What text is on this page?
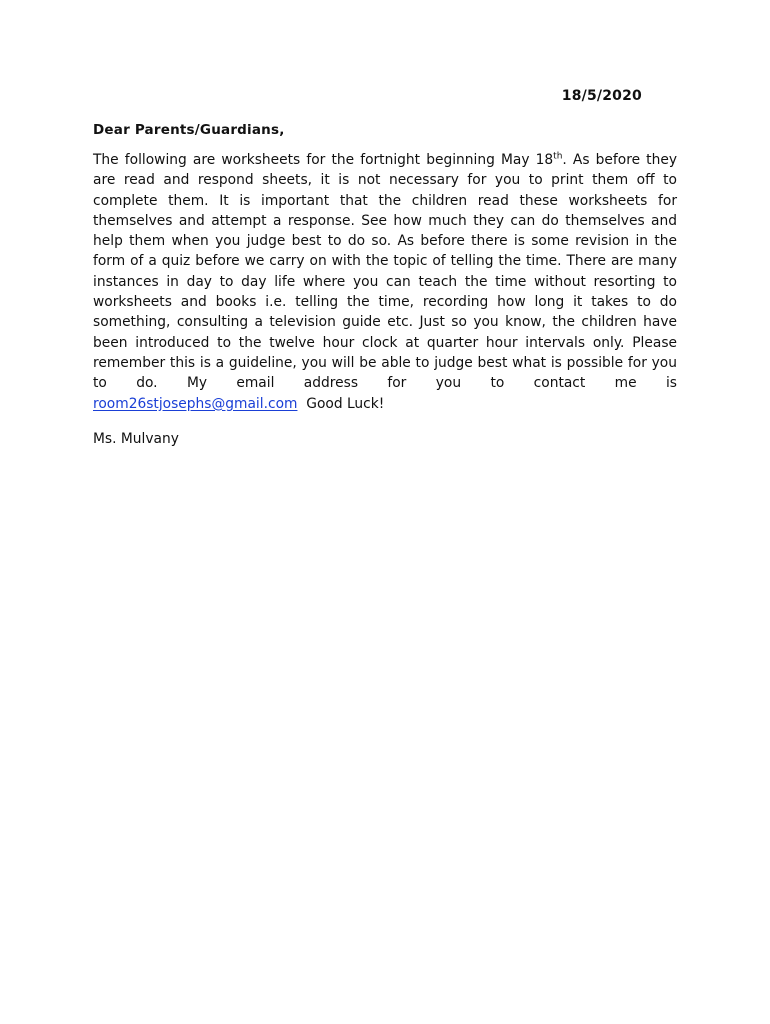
18/5/2020
Dear Parents/Guardians,
The following are worksheets for the fortnight beginning May 18th. As before they are read and respond sheets, it is not necessary for you to print them off to complete them. It is important that the children read these worksheets for themselves and attempt a response. See how much they can do themselves and help them when you judge best to do so. As before there is some revision in the form of a quiz before we carry on with the topic of telling the time. There are many instances in day to day life where you can teach the time without resorting to worksheets and books i.e. telling the time, recording how long it takes to do something, consulting a television guide etc. Just so you know, the children have been introduced to the twelve hour clock at quarter hour intervals only. Please remember this is a guideline, you will be able to judge best what is possible for you to do. My email address for you to contact me is room26stjosephs@gmail.com Good Luck!
Ms. Mulvany
